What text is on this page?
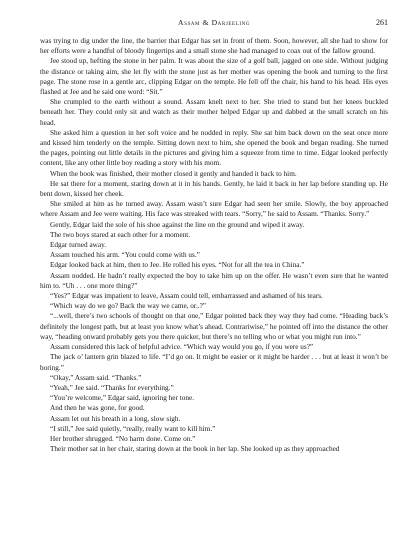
Assam & Darjeeling	261

was trying to dig under the line, the barrier that Edgar has set in front of them. Soon, however, all she had to show for her efforts were a handful of bloody fingertips and a small stone she had managed to coax out of the fallow ground.

Jee stood up, hefting the stone in her palm. It was about the size of a golf ball, jagged on one side. Without judging the distance or taking aim, she let fly with the stone just as her mother was opening the book and turning to the first page. The stone rose in a gentle arc, clipping Edgar on the temple. He fell off the chair, his hand to his head. His eyes flashed at Jee and he said one word: “Sit.”

She crumpled to the earth without a sound. Assam knelt next to her. She tried to stand but her knees buckled beneath her. They could only sit and watch as their mother helped Edgar up and dabbed at the small scratch on his head.

She asked him a question in her soft voice and he nodded in reply. She sat him back down on the seat once more and kissed him tenderly on the temple. Sitting down next to him, she opened the book and began reading. She turned the pages, pointing out little details in the pictures and giving him a squeeze from time to time. Edgar looked perfectly content, like any other little boy reading a story with his mom.

When the book was finished, their mother closed it gently and handed it back to him.

He sat there for a moment, staring down at it in his hands. Gently, he laid it back in her lap before standing up. He bent down, kissed her cheek.

She smiled at him as he turned away. Assam wasn’t sure Edgar had seen her smile. Slowly, the boy approached where Assam and Jee were waiting. His face was streaked with tears. “Sorry,” he said to Assam. “Thanks. Sorry.”

Gently, Edgar laid the sole of his shoe against the line on the ground and wiped it away.

The two boys stared at each other for a moment.

Edgar turned away.

Assam touched his arm. “You could come with us.”

Edgar looked back at him, then to Jee. He rolled his eyes. “Not for all the tea in China.”

Assam nodded. He hadn’t really expected the boy to take him up on the offer. He wasn’t even sure that he wanted him to. “Uh . . . one more thing?”

“Yes?” Edgar was impatient to leave, Assam could tell, embarrassed and ashamed of his tears.

“Which way do we go? Back the way we came, or..?”

“...well, there’s two schools of thought on that one,” Edgar pointed back they way they had come. “Heading back’s definitely the longest path, but at least you know what’s ahead. Contrariwise,” he pointed off into the distance the other way, “heading onward probably gets you there quicker, but there’s no telling who or what you might run into.”

Assam considered this lack of helpful advice. “Which way would you go, if you were us?”

The jack o’ lantern grin blazed to life. “I’d go on. It might be easier or it might be harder . . . but at least it won’t be boring.”

“Okay,” Assam said. “Thanks.”

“Yeah,” Jee said. “Thanks for everything.”

“You’re welcome,” Edgar said, ignoring her tone.

And then he was gone, for good.

Assam let out his breath in a long, slow sigh.

“I still,” Jee said quietly, “really, really want to kill him.”

Her brother shrugged. “No harm done. Come on.”

Their mother sat in her chair, staring down at the book in her lap. She looked up as they approached
